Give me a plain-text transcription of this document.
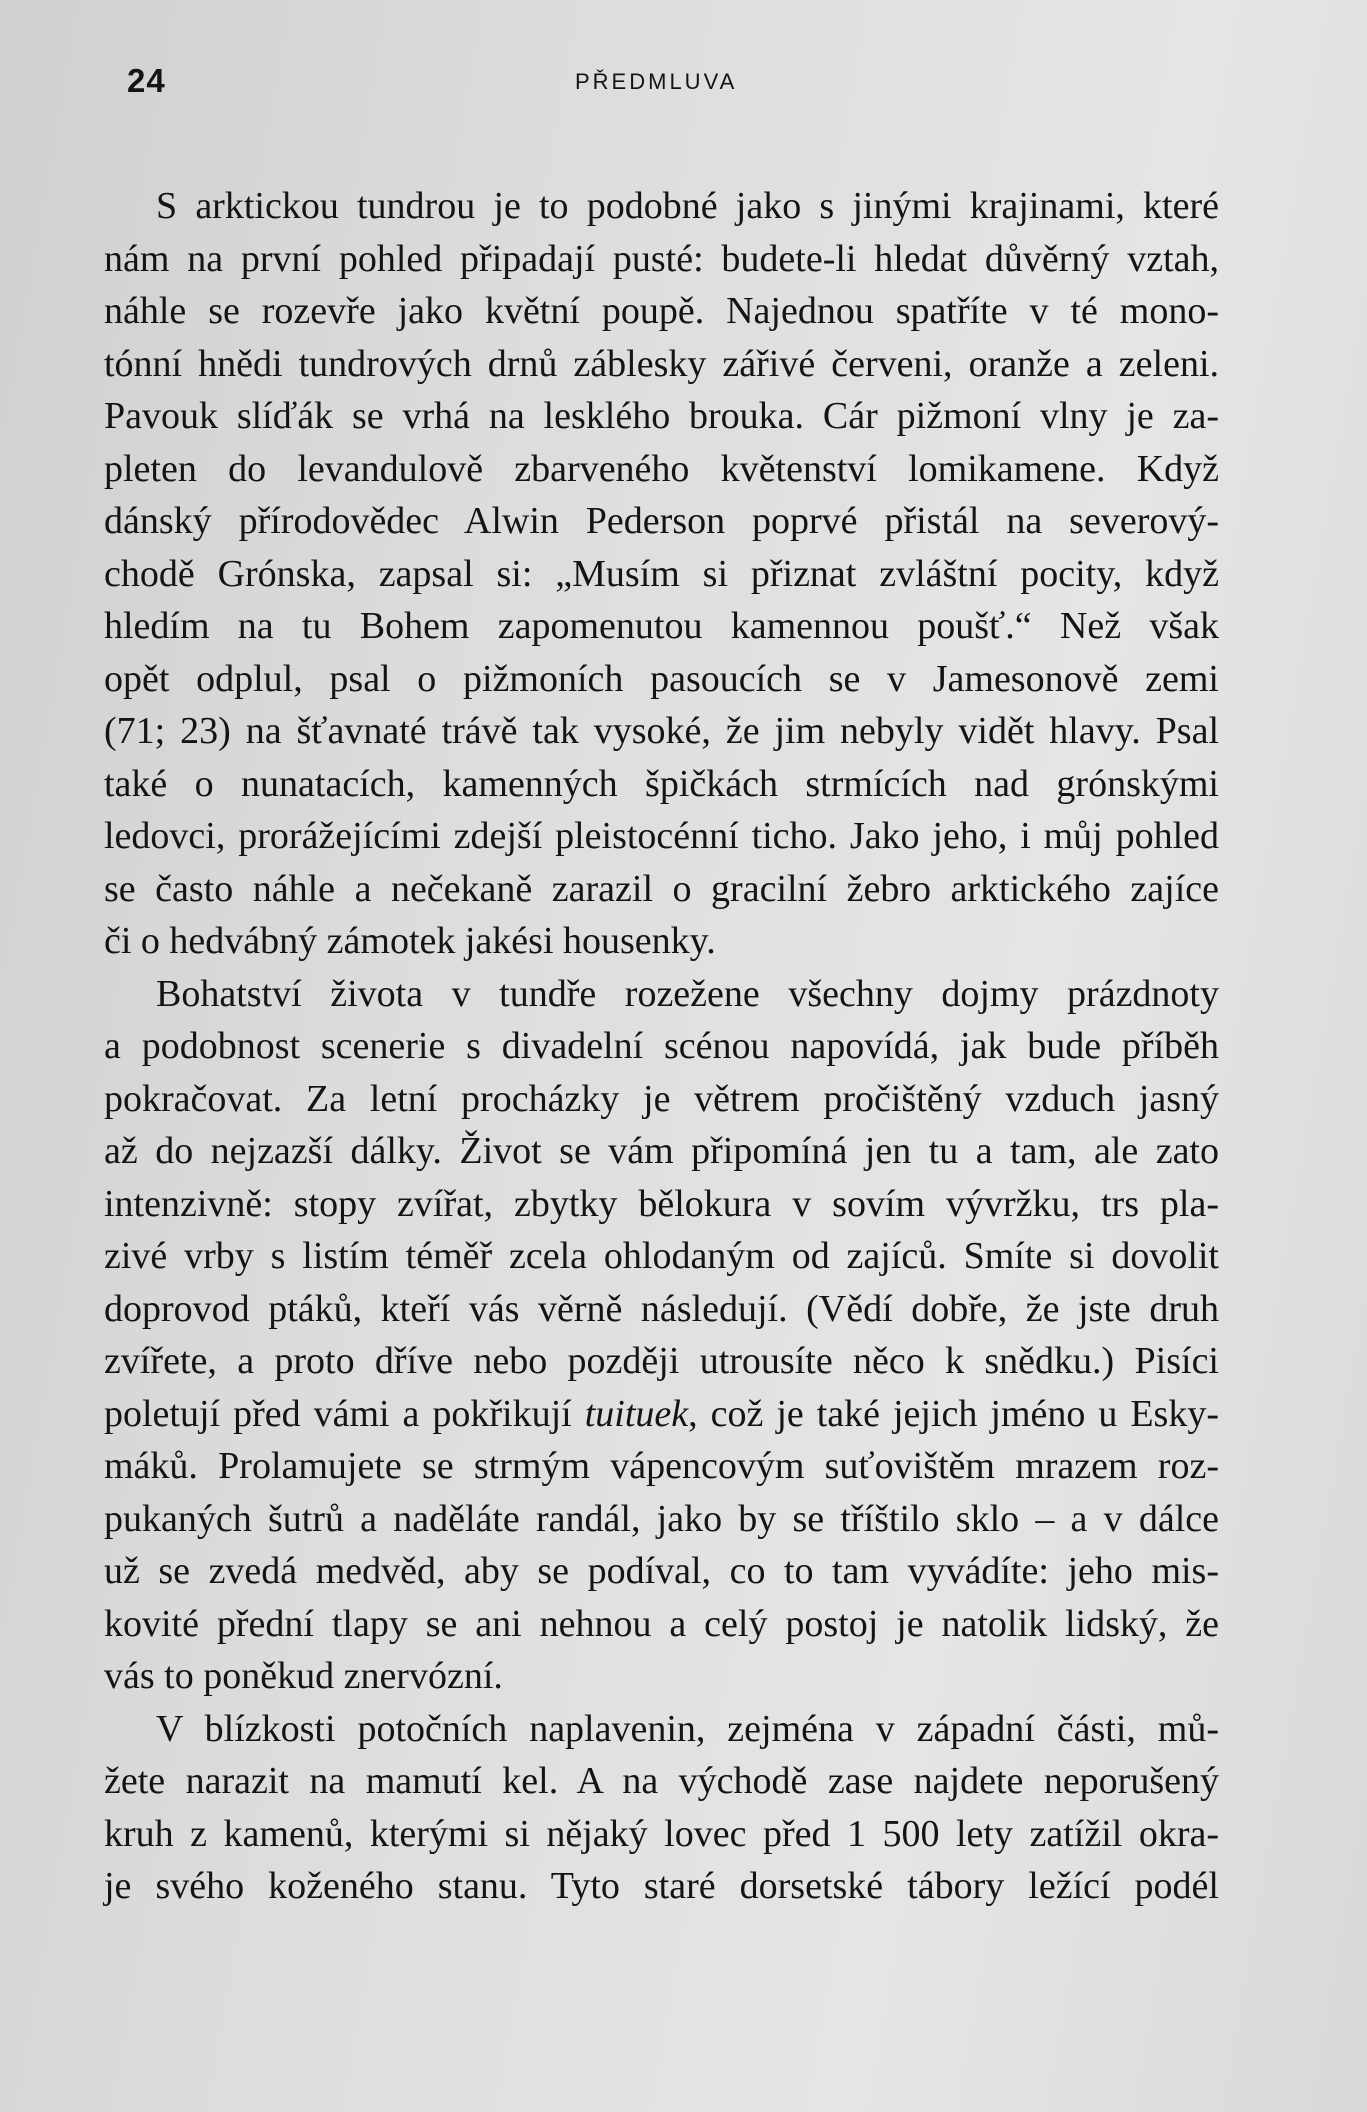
24	PŘEDMLUVA

S arktickou tundrou je to podobné jako s jinými krajinami, které
nám na první pohled připadají pusté: budete-li hledat důvěrný vztah,
náhle se rozevře jako květní poupě. Najednou spatříte v té mono-
tónní hnědi tundrových drnů záblesky zářivé červeni, oranže a zeleni.
Pavouk slíďák se vrhá na lesklého brouka. Cár pižmoní vlny je za-
pleten do levandulově zbarveného květenství lomikamene. Když
dánský přírodovědec Alwin Pederson poprvé přistál na severový-
chodě Grónska, zapsal si: „Musím si přiznat zvláštní pocity, když
hledím na tu Bohem zapomenutou kamennou poušť.“ Než však
opět odplul, psal o pižmoních pasoucích se v Jamesonově zemi
(71; 23) na šťavnaté trávě tak vysoké, že jim nebyly vidět hlavy. Psal
také o nunatacích, kamenných špičkách strmících nad grónskými
ledovci, prorážejícími zdejší pleistocénní ticho. Jako jeho, i můj pohled
se často náhle a nečekaně zarazil o gracilní žebro arktického zajíce
či o hedvábný zámotek jakési housenky.

Bohatství života v tundře rozežene všechny dojmy prázdnoty
a podobnost scenerie s divadelní scénou napovídá, jak bude příběh
pokračovat. Za letní procházky je větrem pročištěný vzduch jasný
až do nejzazší dálky. Život se vám připomíná jen tu a tam, ale zato
intenzivně: stopy zvířat, zbytky bělokura v sovím vývržku, trs pla-
zivé vrby s listím téměř zcela ohlodaným od zajíců. Smíte si dovolit
doprovod ptáků, kteří vás věrně následují. (Vědí dobře, že jste druh
zvířete, a proto dříve nebo později utrousíte něco k snědku.) Pisíci
poletují před vámi a pokřikují tuituek, což je také jejich jméno u Esky-
máků. Prolamujete se strmým vápencovým suťovištěm mrazem roz-
pukaných šutrů a naděláte randál, jako by se tříštilo sklo – a v dálce
už se zvedá medvěd, aby se podíval, co to tam vyvádíte: jeho mis-
kovité přední tlapy se ani nehnou a celý postoj je natolik lidský, že
vás to poněkud znervózní.

V blízkosti potočních naplavenin, zejména v západní části, mů-
žete narazit na mamutí kel. A na východě zase najdete neporušený
kruh z kamenů, kterými si nějaký lovec před 1 500 lety zatížil okra-
je svého koženého stanu. Tyto staré dorsetské tábory ležící podél
